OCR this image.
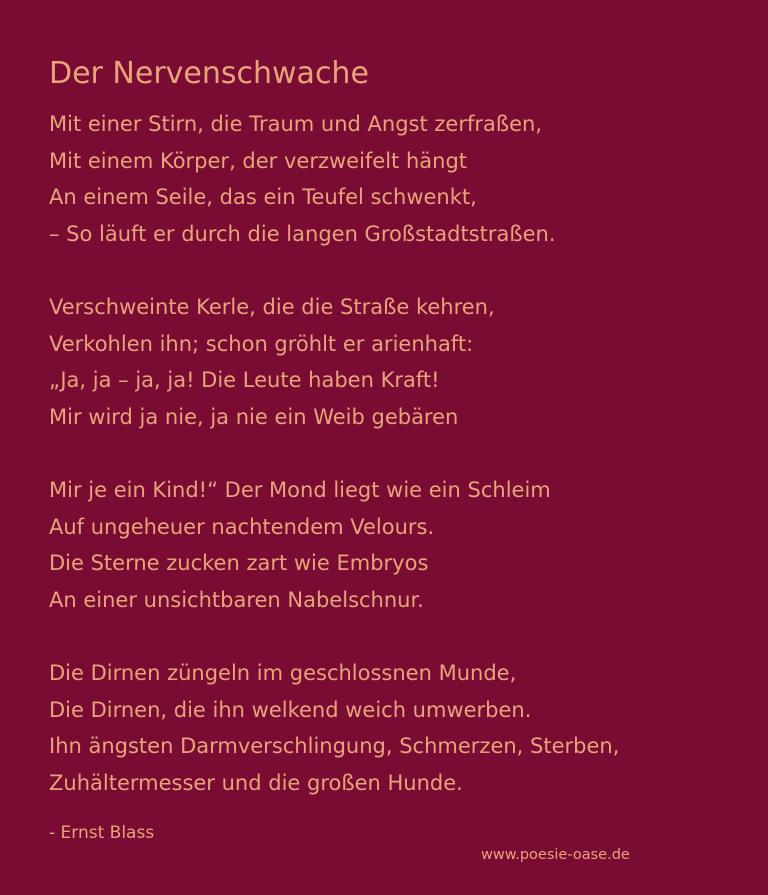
Der Nervenschwache
Mit einer Stirn, die Traum und Angst zerfraßen,
Mit einem Körper, der verzweifelt hängt
An einem Seile, das ein Teufel schwenkt,
– So läuft er durch die langen Großstadtstraßen.
Verschweinte Kerle, die die Straße kehren,
Verkohlen ihn; schon gröhlt er arienhaft:
„Ja, ja – ja, ja! Die Leute haben Kraft!
Mir wird ja nie, ja nie ein Weib gebären
Mir je ein Kind!“ Der Mond liegt wie ein Schleim
Auf ungeheuer nachtendem Velours.
Die Sterne zucken zart wie Embryos
An einer unsichtbaren Nabelschnur.
Die Dirnen züngeln im geschlossnen Munde,
Die Dirnen, die ihn welkend weich umwerben.
Ihn ängsten Darmverschlingung, Schmerzen, Sterben,
Zuhältermesser und die großen Hunde.
- Ernst Blass
www.poesie-oase.de
